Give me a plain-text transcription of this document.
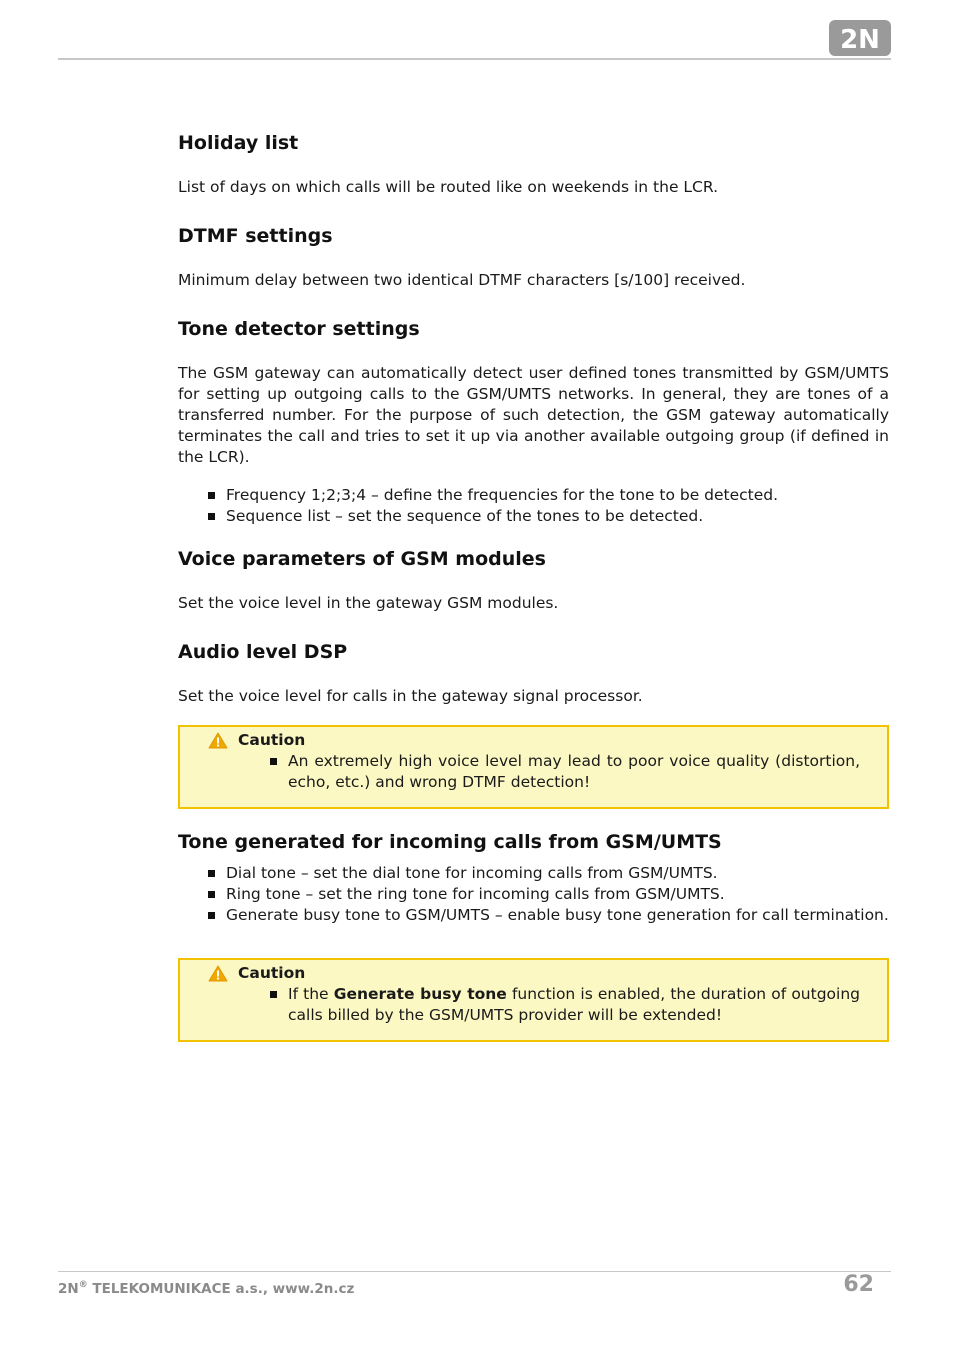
2N
Holiday list

List of days on which calls will be routed like on weekends in the LCR.

DTMF settings

Minimum delay between two identical DTMF characters [s/100] received.

Tone detector settings

The GSM gateway can automatically detect user defined tones transmitted by GSM/UMTS for setting up outgoing calls to the GSM/UMTS networks. In general, they are tones of a transferred number. For the purpose of such detection, the GSM gateway automatically terminates the call and tries to set it up via another available outgoing group (if defined in the LCR).

Frequency 1;2;3;4 – define the frequencies for the tone to be detected.
Sequence list – set the sequence of the tones to be detected.
Voice parameters of GSM modules

Set the voice level in the gateway GSM modules.

Audio level DSP

Set the voice level for calls in the gateway signal processor.

Caution
An extremely high voice level may lead to poor voice quality (distortion, echo, etc.) and wrong DTMF detection!
Tone generated for incoming calls from GSM/UMTS
Dial tone – set the dial tone for incoming calls from GSM/UMTS.
Ring tone – set the ring tone for incoming calls from GSM/UMTS.
Generate busy tone to GSM/UMTS – enable busy tone generation for call termination.
Caution
If the Generate busy tone function is enabled, the duration of outgoing calls billed by the GSM/UMTS provider will be extended!
2N® TELEKOMUNIKACE a.s., www.2n.cz	62
